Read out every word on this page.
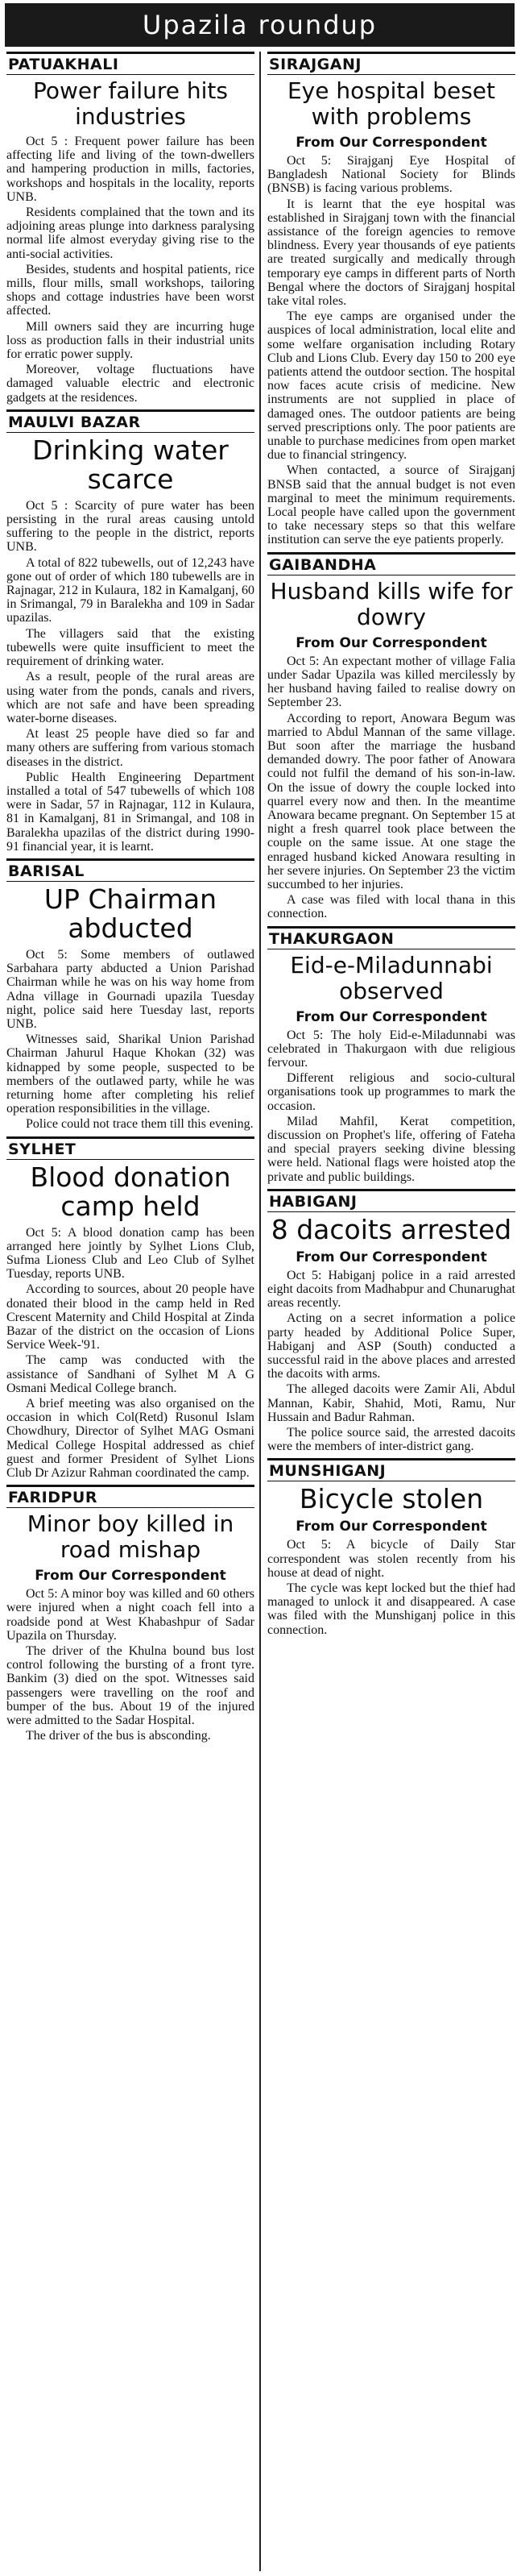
Upazila roundup
PATUAKHALI
Power failure hits industries

Oct 5 : Frequent power failure has been affecting life and living of the town-dwellers and hampering production in mills, factories, workshops and hospitals in the locality, reports UNB.

Residents complained that the town and its adjoining areas plunge into darkness paralysing normal life almost everyday giving rise to the anti-social activities.

Besides, students and hospital patients, rice mills, flour mills, small workshops, tailoring shops and cottage industries have been worst affected.

Mill owners said they are incurring huge loss as production falls in their industrial units for erratic power supply.

Moreover, voltage fluctuations have damaged valuable electric and electronic gadgets at the residences.

MAULVI BAZAR
Drinking water scarce

Oct 5 : Scarcity of pure water has been persisting in the rural areas causing untold suffering to the people in the district, reports UNB.

A total of 822 tubewells, out of 12,243 have gone out of order of which 180 tubewells are in Rajnagar, 212 in Kulaura, 182 in Kamalganj, 60 in Srimangal, 79 in Baralekha and 109 in Sadar upazilas.

The villagers said that the existing tubewells were quite insufficient to meet the requirement of drinking water.

As a result, people of the rural areas are using water from the ponds, canals and rivers, which are not safe and have been spreading water-borne diseases.

At least 25 people have died so far and many others are suffering from various stomach diseases in the district.

Public Health Engineering Department installed a total of 547 tubewells of which 108 were in Sadar, 57 in Rajnagar, 112 in Kulaura, 81 in Kamalganj, 81 in Srimangal, and 108 in Baralekha upazilas of the district during 1990-91 financial year, it is learnt.

BARISAL
UP Chairman abducted

Oct 5: Some members of outlawed Sarbahara party abducted a Union Parishad Chairman while he was on his way home from Adna village in Gournadi upazila Tuesday night, police said here Tuesday last, reports UNB.

Witnesses said, Sharikal Union Parishad Chairman Jahurul Haque Khokan (32) was kidnapped by some people, suspected to be members of the outlawed party, while he was returning home after completing his relief operation responsibilities in the village.

Police could not trace them till this evening.

SYLHET
Blood donation camp held

Oct 5: A blood donation camp has been arranged here jointly by Sylhet Lions Club, Sufma Lioness Club and Leo Club of Sylhet Tuesday, reports UNB.

According to sources, about 20 people have donated their blood in the camp held in Red Crescent Maternity and Child Hospital at Zinda Bazar of the district on the occasion of Lions Service Week-'91.

The camp was conducted with the assistance of Sandhani of Sylhet M A G Osmani Medical College branch.

A brief meeting was also organised on the occasion in which Col(Retd) Rusonul Islam Chowdhury, Director of Sylhet MAG Osmani Medical College Hospital addressed as chief guest and former President of Sylhet Lions Club Dr Azizur Rahman coordinated the camp.

FARIDPUR
Minor boy killed in road mishap
From Our Correspondent

Oct 5: A minor boy was killed and 60 others were injured when a night coach fell into a roadside pond at West Khabashpur of Sadar Upazila on Thursday.

The driver of the Khulna bound bus lost control following the bursting of a front tyre. Bankim (3) died on the spot. Witnesses said passengers were travelling on the roof and bumper of the bus. About 19 of the injured were admitted to the Sadar Hospital.

The driver of the bus is absconding.

SIRAJGANJ
Eye hospital beset with problems
From Our Correspondent

Oct 5: Sirajganj Eye Hospital of Bangladesh National Society for Blinds (BNSB) is facing various problems.

It is learnt that the eye hospital was established in Sirajganj town with the financial assistance of the foreign agencies to remove blindness. Every year thousands of eye patients are treated surgically and medically through temporary eye camps in different parts of North Bengal where the doctors of Sirajganj hospital take vital roles.

The eye camps are organised under the auspices of local administration, local elite and some welfare organisation including Rotary Club and Lions Club. Every day 150 to 200 eye patients attend the outdoor section. The hospital now faces acute crisis of medicine. New instruments are not supplied in place of damaged ones. The outdoor patients are being served prescriptions only. The poor patients are unable to purchase medicines from open market due to financial stringency.

When contacted, a source of Sirajganj BNSB said that the annual budget is not even marginal to meet the minimum requirements. Local people have called upon the government to take necessary steps so that this welfare institution can serve the eye patients properly.

GAIBANDHA
Husband kills wife for dowry
From Our Correspondent

Oct 5: An expectant mother of village Falia under Sadar Upazila was killed mercilessly by her husband having failed to realise dowry on September 23.

According to report, Anowara Begum was married to Abdul Mannan of the same village. But soon after the marriage the husband demanded dowry. The poor father of Anowara could not fulfil the demand of his son-in-law. On the issue of dowry the couple locked into quarrel every now and then. In the meantime Anowara became pregnant. On September 15 at night a fresh quarrel took place between the couple on the same issue. At one stage the enraged husband kicked Anowara resulting in her severe injuries. On September 23 the victim succumbed to her injuries.

A case was filed with local thana in this connection.

THAKURGAON
Eid-e-Miladunnabi observed
From Our Correspondent

Oct 5: The holy Eid-e-Miladunnabi was celebrated in Thakurgaon with due religious fervour.

Different religious and socio-cultural organisations took up programmes to mark the occasion.

Milad Mahfil, Kerat competition, discussion on Prophet's life, offering of Fateha and special prayers seeking divine blessing were held. National flags were hoisted atop the private and public buildings.

HABIGANJ
8 dacoits arrested
From Our Correspondent

Oct 5: Habiganj police in a raid arrested eight dacoits from Madhabpur and Chunarughat areas recently.

Acting on a secret information a police party headed by Additional Police Super, Habiganj and ASP (South) conducted a successful raid in the above places and arrested the dacoits with arms.

The alleged dacoits were Zamir Ali, Abdul Mannan, Kabir, Shahid, Moti, Ramu, Nur Hussain and Badur Rahman.

The police source said, the arrested dacoits were the members of inter-district gang.

MUNSHIGANJ
Bicycle stolen
From Our Correspondent

Oct 5: A bicycle of Daily Star correspondent was stolen recently from his house at dead of night.

The cycle was kept locked but the thief had managed to unlock it and disappeared. A case was filed with the Munshiganj police in this connection.
